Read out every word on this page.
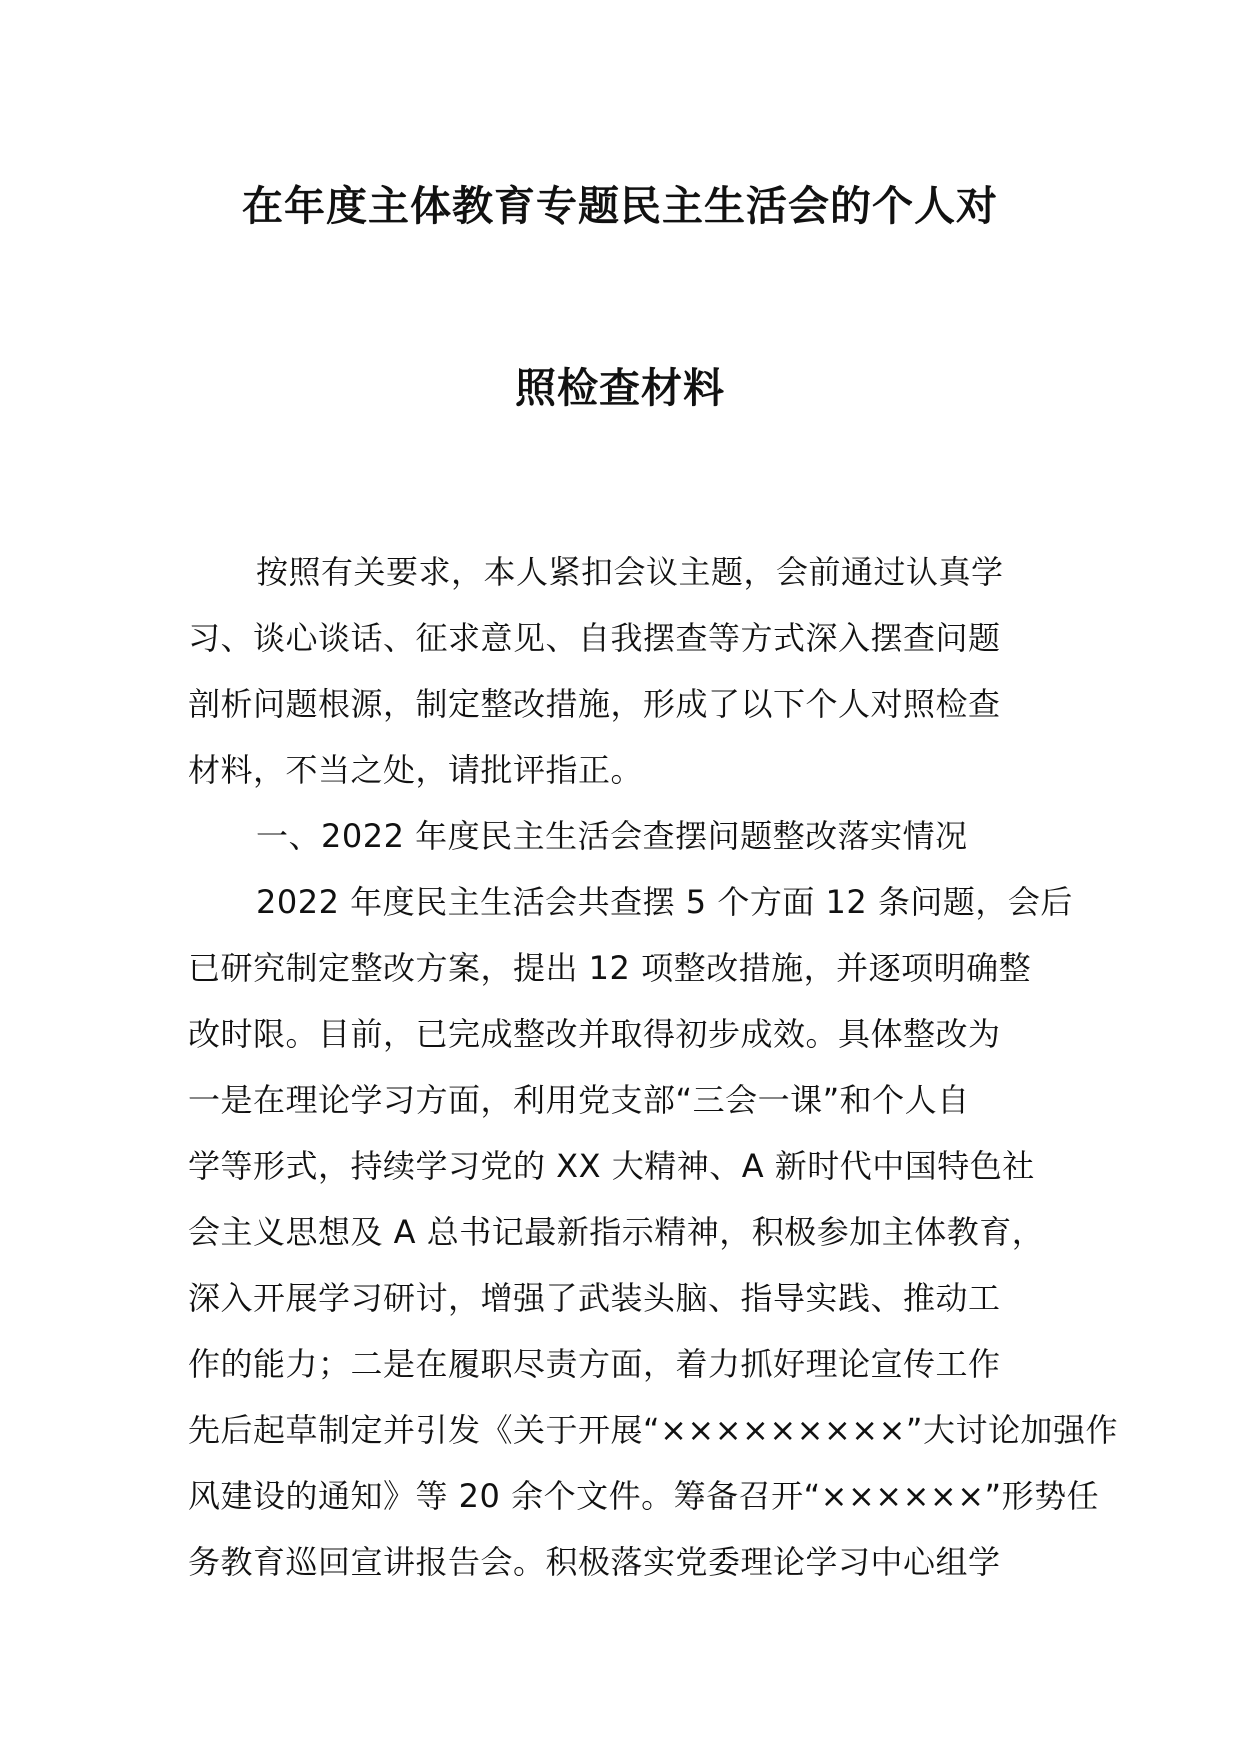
在年度主体教育专题民主生活会的个人对
照检查材料
按照有关要求，本人紧扣会议主题，会前通过认真学
习、谈心谈话、征求意见、自我摆查等方式深入摆查问题
剖析问题根源，制定整改措施，形成了以下个人对照检查
材料，不当之处，请批评指正。
一、2022 年度民主生活会查摆问题整改落实情况
2022 年度民主生活会共查摆 5 个方面 12 条问题，会后
已研究制定整改方案，提出 12 项整改措施，并逐项明确整
改时限。目前，已完成整改并取得初步成效。具体整改为
一是在理论学习方面，利用党支部“三会一课”和个人自
学等形式，持续学习党的 XX 大精神、A 新时代中国特色社
会主义思想及 A 总书记最新指示精神，积极参加主体教育，
深入开展学习研讨，增强了武装头脑、指导实践、推动工
作的能力；二是在履职尽责方面，着力抓好理论宣传工作
先后起草制定并引发《关于开展“×××××××××”大讨论加强作
风建设的通知》等 20 余个文件。筹备召开“××××××”形势任
务教育巡回宣讲报告会。积极落实党委理论学习中心组学
